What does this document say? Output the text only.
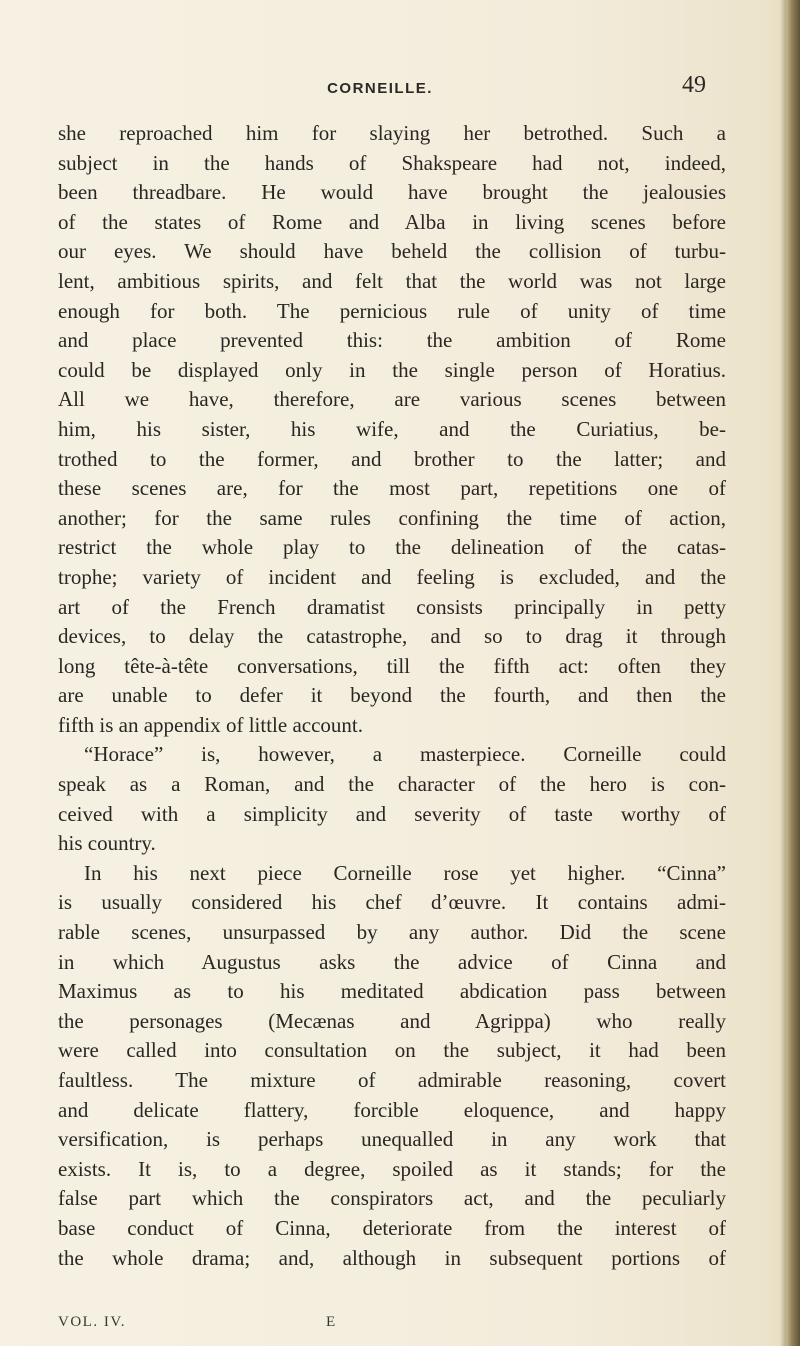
CORNEILLE.	49
she reproached him for slaying her betrothed. Such a
subject in the hands of Shakspeare had not, indeed,
been threadbare. He would have brought the jealousies
of the states of Rome and Alba in living scenes before
our eyes. We should have beheld the collision of turbu-
lent, ambitious spirits, and felt that the world was not large
enough for both. The pernicious rule of unity of time
and place prevented this: the ambition of Rome
could be displayed only in the single person of Horatius.
All we have, therefore, are various scenes between
him, his sister, his wife, and the Curiatius, be-
trothed to the former, and brother to the latter; and
these scenes are, for the most part, repetitions one of
another; for the same rules confining the time of action,
restrict the whole play to the delineation of the catas-
trophe; variety of incident and feeling is excluded, and the
art of the French dramatist consists principally in petty
devices, to delay the catastrophe, and so to drag it through
long tête-à-tête conversations, till the fifth act: often they
are unable to defer it beyond the fourth, and then the
fifth is an appendix of little account.
“Horace” is, however, a masterpiece. Corneille could
speak as a Roman, and the character of the hero is con-
ceived with a simplicity and severity of taste worthy of
his country.
In his next piece Corneille rose yet higher. “Cinna”
is usually considered his chef d’œuvre. It contains admi-
rable scenes, unsurpassed by any author. Did the scene
in which Augustus asks the advice of Cinna and
Maximus as to his meditated abdication pass between
the personages (Mecænas and Agrippa) who really
were called into consultation on the subject, it had been
faultless. The mixture of admirable reasoning, covert
and delicate flattery, forcible eloquence, and happy
versification, is perhaps unequalled in any work that
exists. It is, to a degree, spoiled as it stands; for the
false part which the conspirators act, and the peculiarly
base conduct of Cinna, deteriorate from the interest of
the whole drama; and, although in subsequent portions of
VOL. IV.	E
